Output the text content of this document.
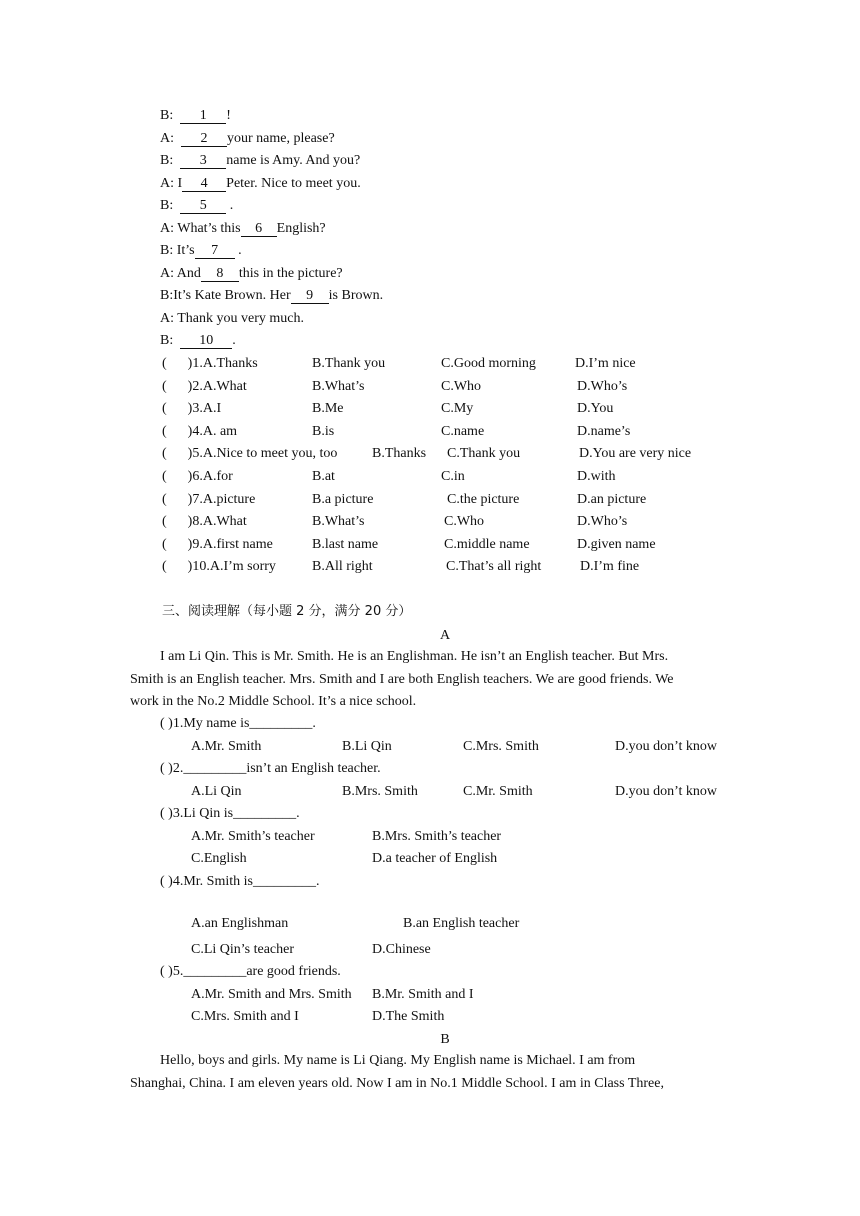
B:  1 !
A:  2 your name, please?
B:  3 name is Amy. And you?
A: I 4 Peter. Nice to meet you.
B:  5 .
A: What’s this 6 English?
B: It’s 7 .
A: And 8 this in the picture?
B:It’s Kate Brown. Her 9 is Brown.
A: Thank you very much.
B:  10 .
(      )1.A.Thanks	B.Thank you	C.Good morning	D.I’m nice
(      )2.A.What	B.What’s	C.Who	D.Who’s
(      )3.A.I	B.Me	C.My	D.You
(      )4.A. am	B.is	C.name	D.name’s
(      )5.A.Nice to meet you, too B.Thanks C.Thank you	D.You are very nice
(      )6.A.for	B.at	C.in	D.with
(      )7.A.picture	B.a picture	C.the picture	D.an picture
(      )8.A.What	B.What’s	C.Who	D.Who’s
(      )9.A.first name	B.last name	C.middle name	D.given name
(      )10.A.I’m sorry	B.All right	C.That’s all right	D.I’m fine
三、阅读理解（每小题 2 分，满分 20 分）
A
I am Li Qin. This is Mr. Smith. He is an Englishman. He isn’t an English teacher. But Mrs.
Smith is an English teacher. Mrs. Smith and I are both English teachers. We are good friends. We
work in the No.2 Middle School. It’s a nice school.
( )1.My name is_________.
A.Mr. Smith	B.Li Qin	C.Mrs. Smith	D.you don’t know
( )2._________isn’t an English teacher.
A.Li Qin	B.Mrs. Smith	C.Mr. Smith	D.you don’t know
( )3.Li Qin is_________.
A.Mr. Smith’s teacher	B.Mrs. Smith’s teacher
C.English	D.a teacher of English
( )4.Mr. Smith is_________.
A.an Englishman	B.an English teacher
C.Li Qin’s teacher	D.Chinese
( )5._________are good friends.
A.Mr. Smith and Mrs. Smith B.Mr. Smith and I
C.Mrs. Smith and I	D.The Smith
B
Hello, boys and girls. My name is Li Qiang. My English name is Michael. I am from
Shanghai, China. I am eleven years old. Now I am in No.1 Middle School. I am in Class Three,
